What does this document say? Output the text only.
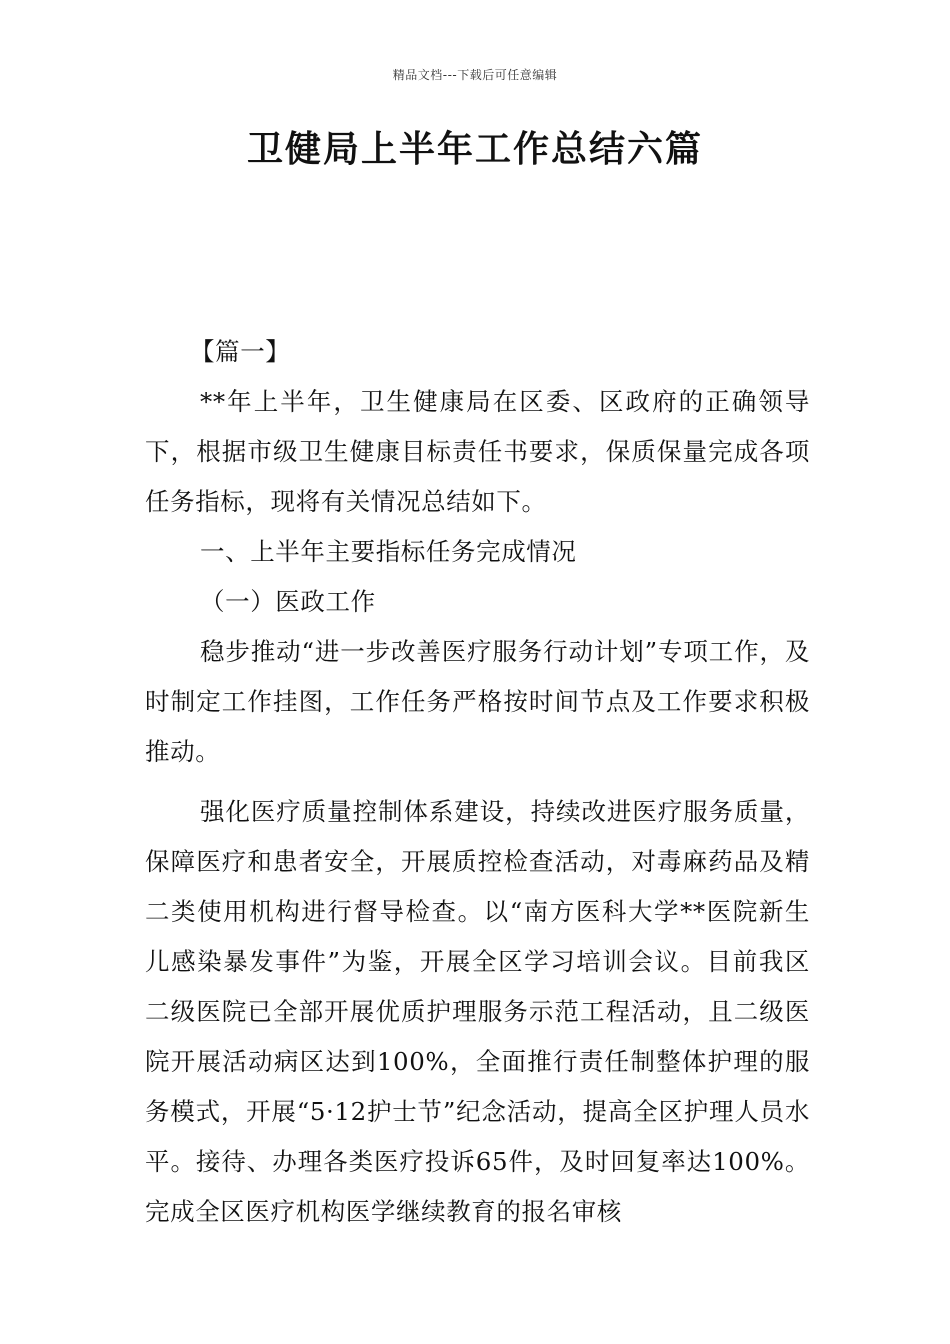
精品文档---下载后可任意编辑
卫健局上半年工作总结六篇

【篇一】

**年上半年，卫生健康局在区委、区政府的正确领导下，根据市级卫生健康目标责任书要求，保质保量完成各项任务指标，现将有关情况总结如下。

一、上半年主要指标任务完成情况

（一）医政工作

稳步推动“进一步改善医疗服务行动计划”专项工作，及时制定工作挂图，工作任务严格按时间节点及工作要求积极推动。

强化医疗质量控制体系建设，持续改进医疗服务质量，保障医疗和患者安全，开展质控检查活动，对毒麻药品及精二类使用机构进行督导检查。以“南方医科大学**医院新生儿感染暴发事件”为鉴，开展全区学习培训会议。目前我区二级医院已全部开展优质护理服务示范工程活动，且二级医院开展活动病区达到100%，全面推行责任制整体护理的服务模式，开展“5·12护士节”纪念活动，提高全区护理人员水平。接待、办理各类医疗投诉65件，及时回复率达100%。完成全区医疗机构医学继续教育的报名审核
